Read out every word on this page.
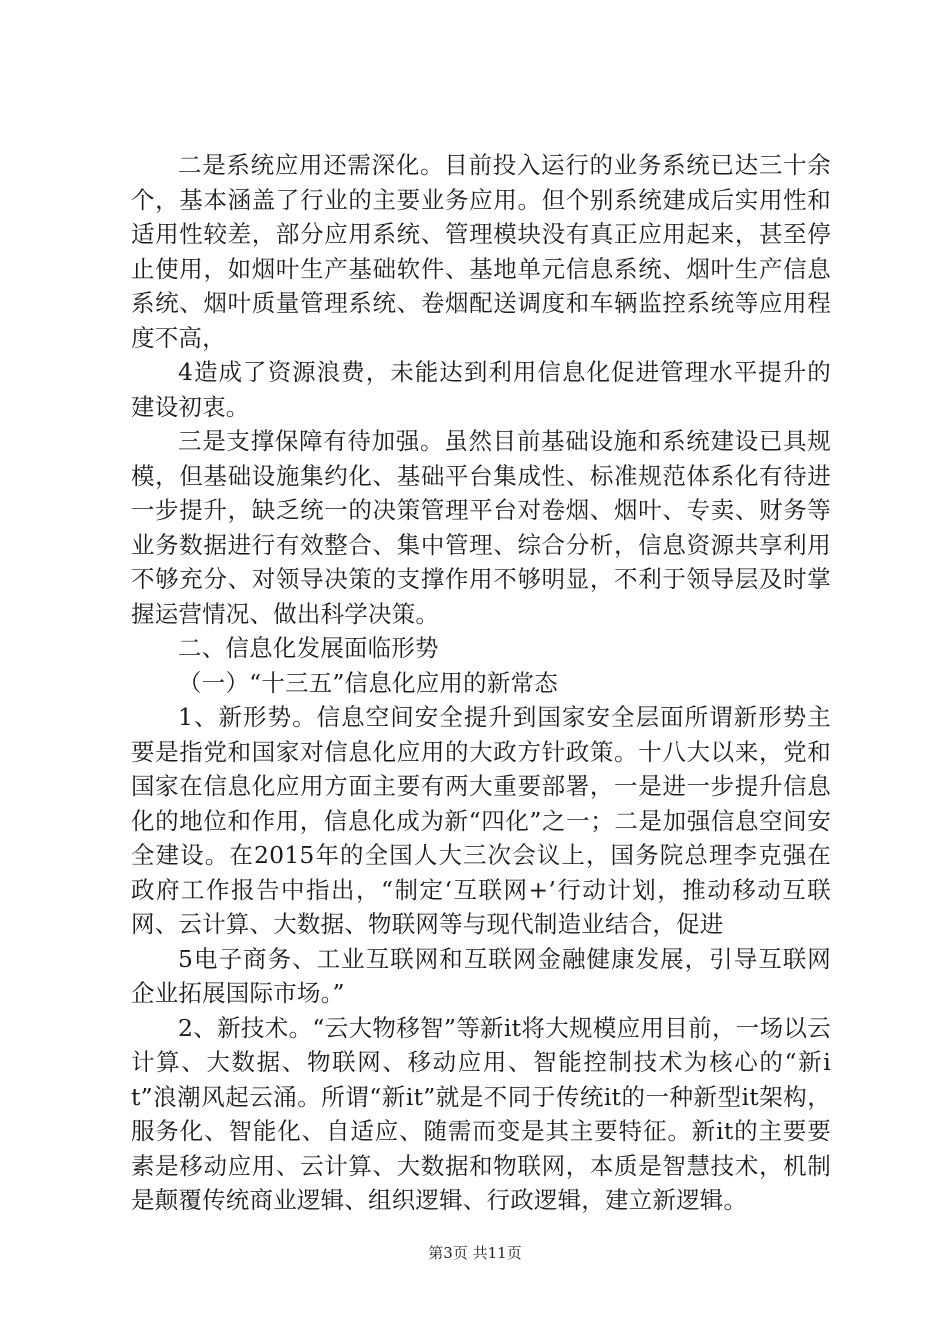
二是系统应用还需深化。目前投入运行的业务系统已达三十余个，基本涵盖了行业的主要业务应用。但个别系统建成后实用性和适用性较差，部分应用系统、管理模块没有真正应用起来，甚至停止使用，如烟叶生产基础软件、基地单元信息系统、烟叶生产信息系统、烟叶质量管理系统、卷烟配送调度和车辆监控系统等应用程度不高，

4造成了资源浪费，未能达到利用信息化促进管理水平提升的建设初衷。

三是支撑保障有待加强。虽然目前基础设施和系统建设已具规模，但基础设施集约化、基础平台集成性、标准规范体系化有待进一步提升，缺乏统一的决策管理平台对卷烟、烟叶、专卖、财务等业务数据进行有效整合、集中管理、综合分析，信息资源共享利用不够充分、对领导决策的支撑作用不够明显，不利于领导层及时掌握运营情况、做出科学决策。

二、信息化发展面临形势

（一）“十三五”信息化应用的新常态

1、新形势。信息空间安全提升到国家安全层面所谓新形势主要是指党和国家对信息化应用的大政方针政策。十八大以来，党和国家在信息化应用方面主要有两大重要部署，一是进一步提升信息化的地位和作用，信息化成为新“四化”之一；二是加强信息空间安全建设。在2015年的全国人大三次会议上，国务院总理李克强在政府工作报告中指出，“制定‘互联网+’行动计划，推动移动互联网、云计算、大数据、物联网等与现代制造业结合，促进

5电子商务、工业互联网和互联网金融健康发展，引导互联网企业拓展国际市场。”

2、新技术。“云大物移智”等新it将大规模应用目前，一场以云计算、大数据、物联网、移动应用、智能控制技术为核心的“新it”浪潮风起云涌。所谓“新it”就是不同于传统it的一种新型it架构，服务化、智能化、自适应、随需而变是其主要特征。新it的主要要素是移动应用、云计算、大数据和物联网，本质是智慧技术，机制是颠覆传统商业逻辑、组织逻辑、行政逻辑，建立新逻辑。

第3页 共11页
